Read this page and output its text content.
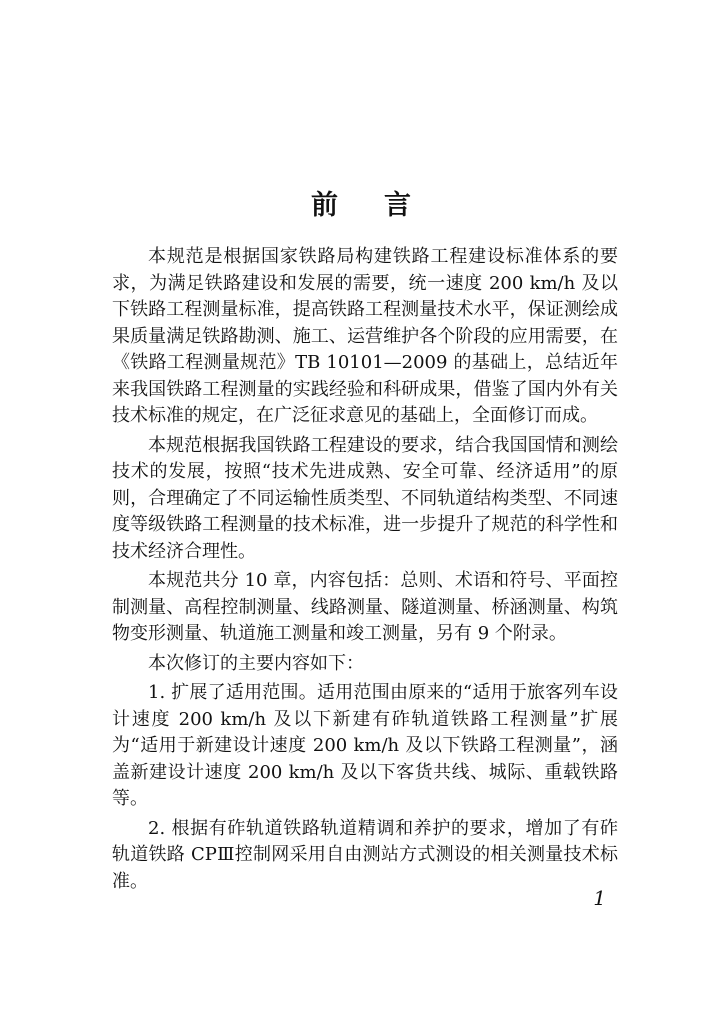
前 言

本规范是根据国家铁路局构建铁路工程建设标准体系的要求，为满足铁路建设和发展的需要，统一速度 200 km/h 及以下铁路工程测量标准，提高铁路工程测量技术水平，保证测绘成果质量满足铁路勘测、施工、运营维护各个阶段的应用需要，在《铁路工程测量规范》TB 10101—2009 的基础上，总结近年来我国铁路工程测量的实践经验和科研成果，借鉴了国内外有关技术标准的规定，在广泛征求意见的基础上，全面修订而成。

本规范根据我国铁路工程建设的要求，结合我国国情和测绘技术的发展，按照“技术先进成熟、安全可靠、经济适用”的原则，合理确定了不同运输性质类型、不同轨道结构类型、不同速度等级铁路工程测量的技术标准，进一步提升了规范的科学性和技术经济合理性。

本规范共分 10 章，内容包括：总则、术语和符号、平面控制测量、高程控制测量、线路测量、隧道测量、桥涵测量、构筑物变形测量、轨道施工测量和竣工测量，另有 9 个附录。

本次修订的主要内容如下：

1. 扩展了适用范围。适用范围由原来的“适用于旅客列车设计速度 200 km/h 及以下新建有砟轨道铁路工程测量”扩展为“适用于新建设计速度 200 km/h 及以下铁路工程测量”，涵盖新建设计速度 200 km/h 及以下客货共线、城际、重载铁路等。

2. 根据有砟轨道铁路轨道精调和养护的要求，增加了有砟轨道铁路 CPⅢ控制网采用自由测站方式测设的相关测量技术标准。

1
